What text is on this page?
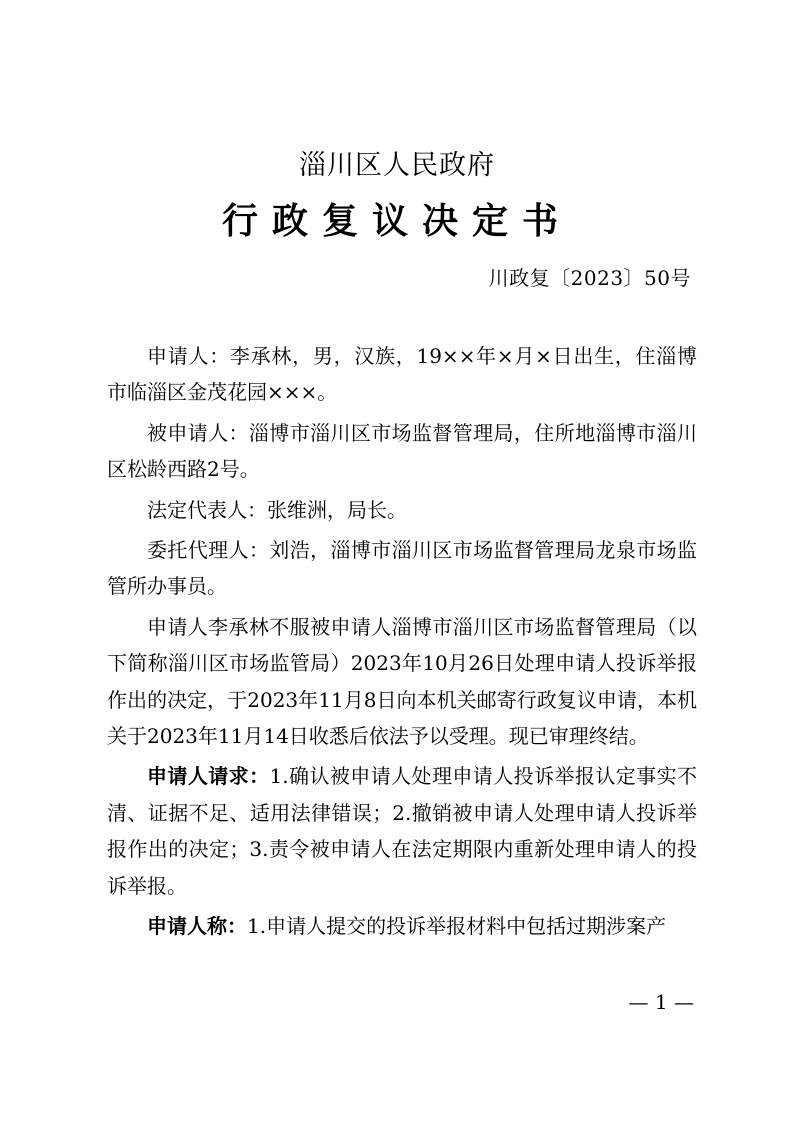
淄川区人民政府
行政复议决定书
川政复〔2023〕50号

申请人：李承林，男，汉族，19××年×月×日出生，住淄博市临淄区金茂花园×××。

被申请人：淄博市淄川区市场监督管理局，住所地淄博市淄川区松龄西路2号。

法定代表人：张维洲，局长。

委托代理人：刘浩，淄博市淄川区市场监督管理局龙泉市场监管所办事员。

申请人李承林不服被申请人淄博市淄川区市场监督管理局（以下简称淄川区市场监管局）2023年10月26日处理申请人投诉举报作出的决定，于2023年11月8日向本机关邮寄行政复议申请，本机关于2023年11月14日收悉后依法予以受理。现已审理终结。

申请人请求：1.确认被申请人处理申请人投诉举报认定事实不清、证据不足、适用法律错误；2.撤销被申请人处理申请人投诉举报作出的决定；3.责令被申请人在法定期限内重新处理申请人的投诉举报。

申请人称：1.申请人提交的投诉举报材料中包括过期涉案产

— 1 —
